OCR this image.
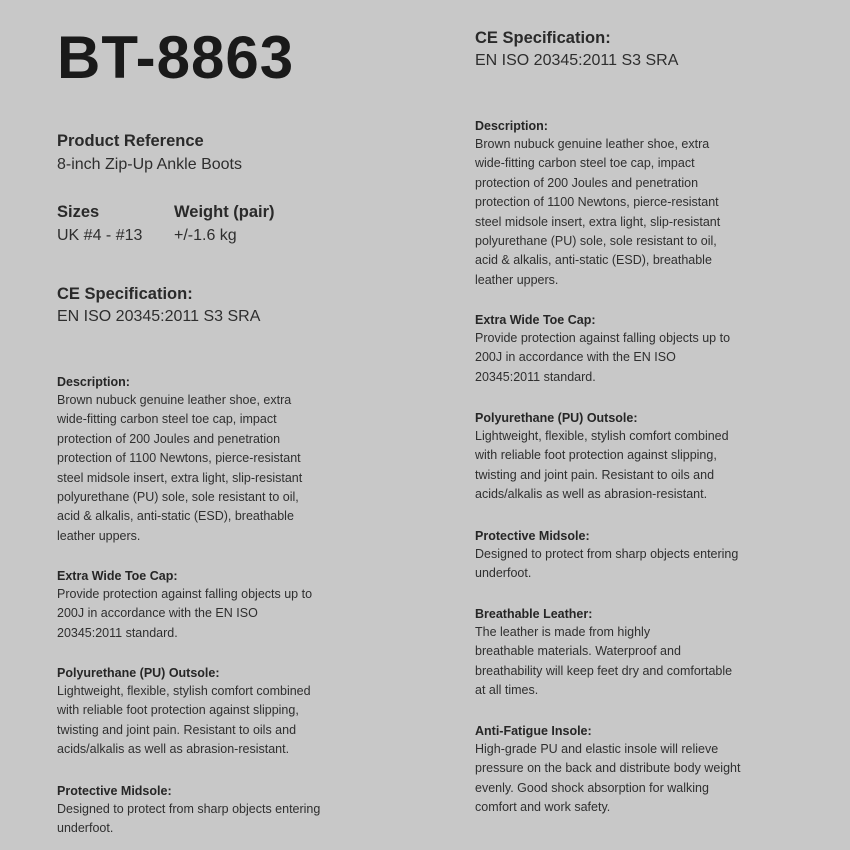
BT-8863
Product Reference
8-inch Zip-Up Ankle Boots
Sizes
UK #4 - #13
Weight (pair)
+/-1.6 kg
CE Specification:
EN ISO 20345:2011 S3 SRA
Description:
Brown nubuck genuine leather shoe, extra
wide-fitting carbon steel toe cap, impact
protection of 200 Joules and penetration
protection of 1100 Newtons, pierce-resistant
steel midsole insert, extra light, slip-resistant
polyurethane (PU) sole, sole resistant to oil,
acid & alkalis, anti-static (ESD), breathable
leather uppers.
Extra Wide Toe Cap:
Provide protection against falling objects up to
200J in accordance with the EN ISO
20345:2011 standard.
Polyurethane (PU) Outsole:
Lightweight, flexible, stylish comfort combined
with reliable foot protection against slipping,
twisting and joint pain. Resistant to oils and
acids/alkalis as well as abrasion-resistant.
Protective Midsole:
Designed to protect from sharp objects entering
underfoot.
CE Specification:
EN ISO 20345:2011 S3 SRA
Description:
Brown nubuck genuine leather shoe, extra
wide-fitting carbon steel toe cap, impact
protection of 200 Joules and penetration
protection of 1100 Newtons, pierce-resistant
steel midsole insert, extra light, slip-resistant
polyurethane (PU) sole, sole resistant to oil,
acid & alkalis, anti-static (ESD), breathable
leather uppers.
Extra Wide Toe Cap:
Provide protection against falling objects up to
200J in accordance with the EN ISO
20345:2011 standard.
Polyurethane (PU) Outsole:
Lightweight, flexible, stylish comfort combined
with reliable foot protection against slipping,
twisting and joint pain. Resistant to oils and
acids/alkalis as well as abrasion-resistant.
Protective Midsole:
Designed to protect from sharp objects entering
underfoot.
Breathable Leather:
The leather is made from highly
breathable materials. Waterproof and
breathability will keep feet dry and comfortable
at all times.
Anti-Fatigue Insole:
High-grade PU and elastic insole will relieve
pressure on the back and distribute body weight
evenly. Good shock absorption for walking
comfort and work safety.
